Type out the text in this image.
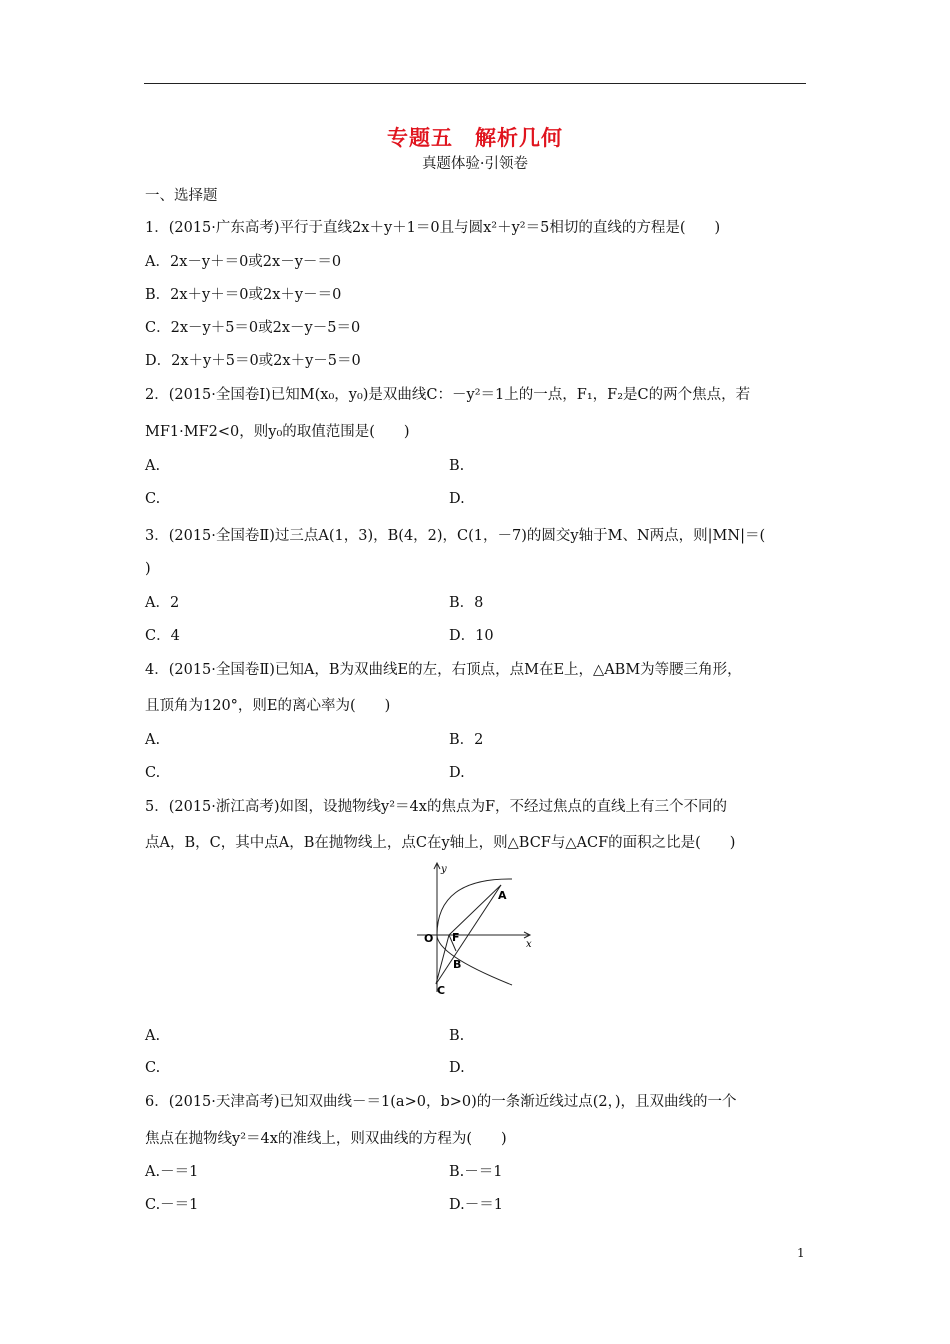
专题五　解析几何
真题体验·引领卷
一、选择题
1．(2015·广东高考)平行于直线2x＋y＋1＝0且与圆x²＋y²＝5相切的直线的方程是(　　)
A．2x－y＋＝0或2x－y－＝0
B．2x＋y＋＝0或2x＋y－＝0
C．2x－y＋5＝0或2x－y－5＝0
D．2x＋y＋5＝0或2x＋y－5＝0
2．(2015·全国卷Ⅰ)已知M(x₀，y₀)是双曲线C：－y²＝1上的一点，F₁，F₂是C的两个焦点，若
MF1·MF2<0，则y₀的取值范围是(　　)
A.	B.
C.	D.
3．(2015·全国卷Ⅱ)过三点A(1，3)，B(4，2)，C(1，－7)的圆交y轴于M、N两点，则|MN|＝(
)
A．2	B．8
C．4	D．10
4．(2015·全国卷Ⅱ)已知A，B为双曲线E的左，右顶点，点M在E上，△ABM为等腰三角形，
且顶角为120°，则E的离心率为(　　)
A.	B．2
C.	D.
5．(2015·浙江高考)如图，设抛物线y²＝4x的焦点为F，不经过焦点的直线上有三个不同的
点A，B，C，其中点A，B在抛物线上，点C在y轴上，则△BCF与△ACF的面积之比是(　　)
y
x
O F
A
B
C
A.	B.
C.	D.
6．(2015·天津高考)已知双曲线－＝1(a>0，b>0)的一条渐近线过点(2，)，且双曲线的一个
焦点在抛物线y²＝4x的准线上，则双曲线的方程为(　　)
A.－＝1	B.－＝1
C.－＝1	D.－＝1
1
